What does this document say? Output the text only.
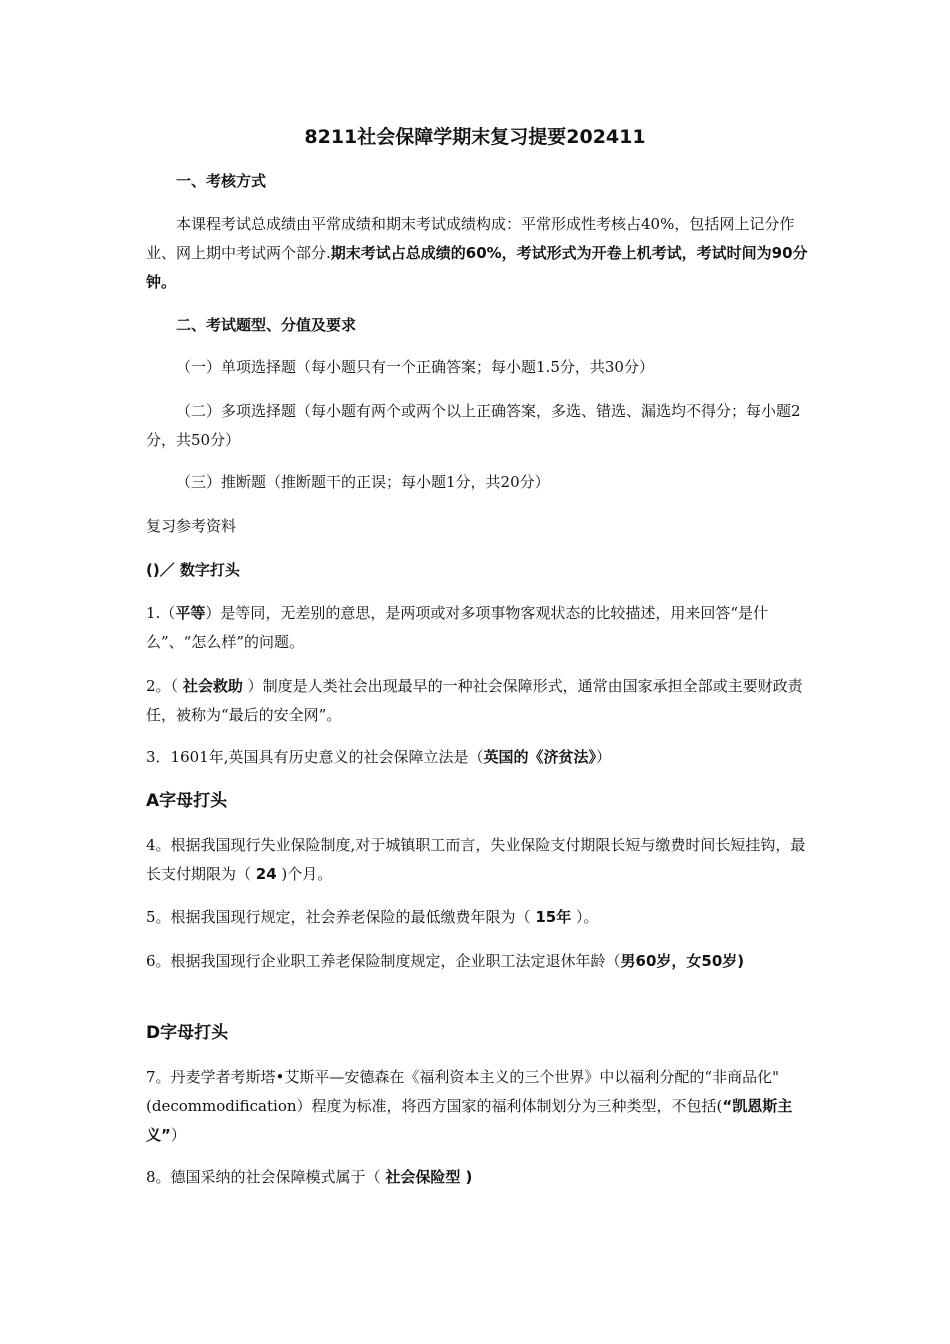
8211社会保障学期末复习提要202411

一、考核方式

本课程考试总成绩由平常成绩和期末考试成绩构成：平常形成性考核占40%，包括网上记分作业、网上期中考试两个部分.期末考试占总成绩的60%，考试形式为开卷上机考试，考试时间为90分钟。

二、考试题型、分值及要求

（一）单项选择题（每小题只有一个正确答案；每小题1.5分，共30分）

（二）多项选择题（每小题有两个或两个以上正确答案，多选、错选、漏选均不得分；每小题2分，共50分）

（三）推断题（推断题干的正误；每小题1分，共20分）

复习参考资料

()／ 数字打头

1.（平等）是等同，无差别的意思，是两项或对多项事物客观状态的比较描述，用来回答“是什么”、“怎么样”的问题。

2。（ 社会救助 ）制度是人类社会出现最早的一种社会保障形式，通常由国家承担全部或主要财政责任，被称为“最后的安全网”。

3．1601年,英国具有历史意义的社会保障立法是（英国的《济贫法》）

A字母打头

4。根据我国现行失业保险制度,对于城镇职工而言，失业保险支付期限长短与缴费时间长短挂钩，最长支付期限为（ 24 )个月。

5。根据我国现行规定，社会养老保险的最低缴费年限为（ 15年 ）。

6。根据我国现行企业职工养老保险制度规定，企业职工法定退休年龄（男60岁，女50岁)

D字母打头

7。丹麦学者考斯塔•艾斯平—安德森在《福利资本主义的三个世界》中以福利分配的“非商品化"(decommodification）程度为标准，将西方国家的福利体制划分为三种类型，不包括(“凯恩斯主义”）

8。德国采纳的社会保障模式属于（ 社会保险型 )
